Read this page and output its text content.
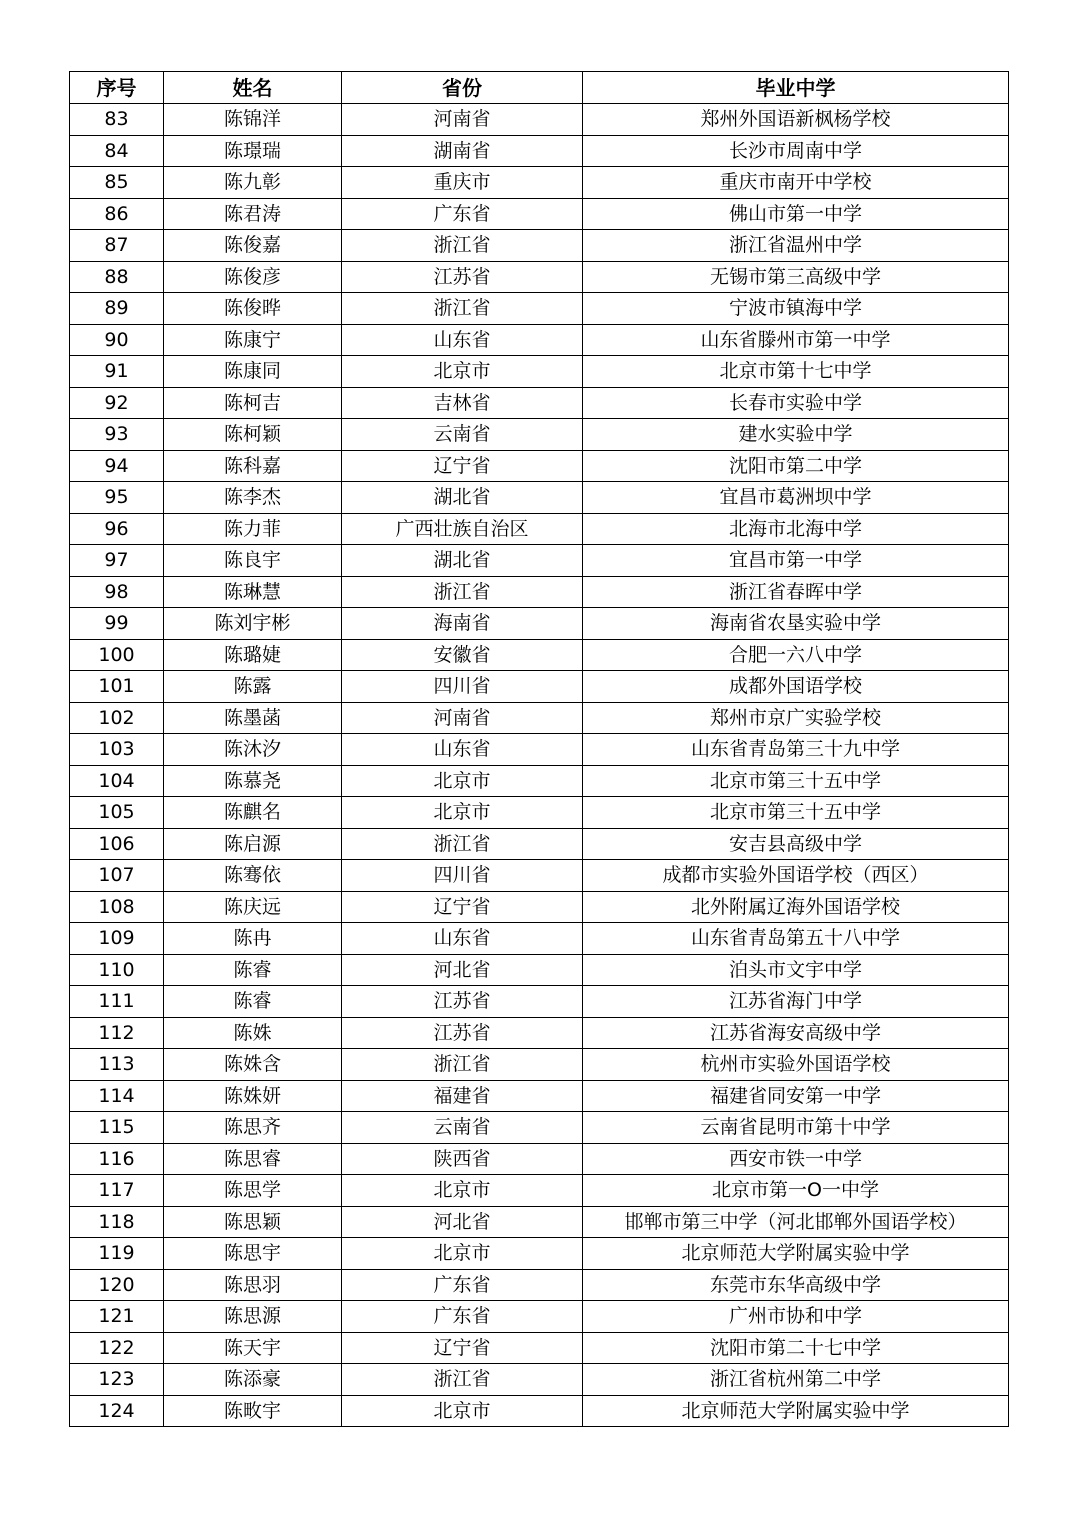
序号	姓名	省份	毕业中学
83	陈锦洋	河南省	郑州外国语新枫杨学校
84	陈璟瑞	湖南省	长沙市周南中学
85	陈九彰	重庆市	重庆市南开中学校
86	陈君涛	广东省	佛山市第一中学
87	陈俊嘉	浙江省	浙江省温州中学
88	陈俊彦	江苏省	无锡市第三高级中学
89	陈俊晔	浙江省	宁波市镇海中学
90	陈康宁	山东省	山东省滕州市第一中学
91	陈康同	北京市	北京市第十七中学
92	陈柯吉	吉林省	长春市实验中学
93	陈柯颖	云南省	建水实验中学
94	陈科嘉	辽宁省	沈阳市第二中学
95	陈李杰	湖北省	宜昌市葛洲坝中学
96	陈力菲	广西壮族自治区	北海市北海中学
97	陈良宇	湖北省	宜昌市第一中学
98	陈琳慧	浙江省	浙江省春晖中学
99	陈刘宇彬	海南省	海南省农垦实验中学
100	陈璐婕	安徽省	合肥一六八中学
101	陈露	四川省	成都外国语学校
102	陈墨菡	河南省	郑州市京广实验学校
103	陈沐汐	山东省	山东省青岛第三十九中学
104	陈慕尧	北京市	北京市第三十五中学
105	陈麒名	北京市	北京市第三十五中学
106	陈启源	浙江省	安吉县高级中学
107	陈骞依	四川省	成都市实验外国语学校（西区）
108	陈庆远	辽宁省	北外附属辽海外国语学校
109	陈冉	山东省	山东省青岛第五十八中学
110	陈睿	河北省	泊头市文宇中学
111	陈睿	江苏省	江苏省海门中学
112	陈姝	江苏省	江苏省海安高级中学
113	陈姝含	浙江省	杭州市实验外国语学校
114	陈姝妍	福建省	福建省同安第一中学
115	陈思齐	云南省	云南省昆明市第十中学
116	陈思睿	陕西省	西安市铁一中学
117	陈思学	北京市	北京市第一O一中学
118	陈思颖	河北省	邯郸市第三中学（河北邯郸外国语学校）
119	陈思宇	北京市	北京师范大学附属实验中学
120	陈思羽	广东省	东莞市东华高级中学
121	陈思源	广东省	广州市协和中学
122	陈天宇	辽宁省	沈阳市第二十七中学
123	陈添豪	浙江省	浙江省杭州第二中学
124	陈畋宇	北京市	北京师范大学附属实验中学
